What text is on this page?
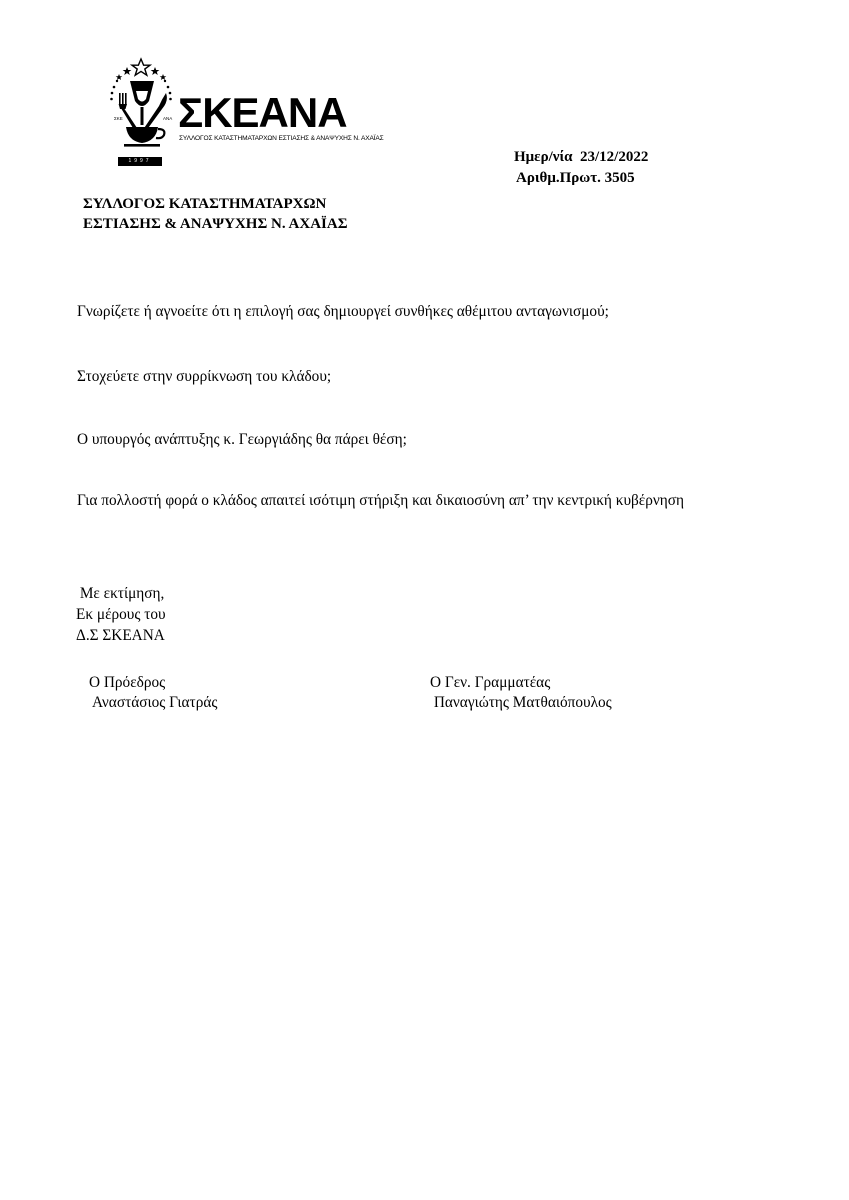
ΣΚΕ	ΑΝΑ ΣΚΕΑΝΑ
ΣΥΛΛΟΓΟΣ ΚΑΤΑΣΤΗΜΑΤΑΡΧΩΝ ΕΣΤΙΑΣΗΣ & ΑΝΑΨΥΧΗΣ Ν. ΑΧΑΪΑΣ
1997	Ημερ/νία  23/12/2022
Αριθμ.Πρωτ. 3505
ΣΥΛΛΟΓΟΣ ΚΑΤΑΣΤΗΜΑΤΑΡΧΩΝ
ΕΣΤΙΑΣΗΣ & ΑΝΑΨΥΧΗΣ Ν. ΑΧΑΪΑΣ
Γνωρίζετε ή αγνοείτε ότι η επιλογή σας δημιουργεί συνθήκες αθέμιτου ανταγωνισμού;
Στοχεύετε στην συρρίκνωση του κλάδου;
Ο υπουργός ανάπτυξης κ. Γεωργιάδης θα πάρει θέση;
Για πολλοστή φορά ο κλάδος απαιτεί ισότιμη στήριξη και δικαιοσύνη απ’ την κεντρική κυβέρνηση
Με εκτίμηση,
Εκ μέρους του
Δ.Σ ΣΚΕΑΝΑ
Ο Πρόεδρος
Αναστάσιος Γιατράς
Ο Γεν. Γραμματέας
Παναγιώτης Ματθαιόπουλος
